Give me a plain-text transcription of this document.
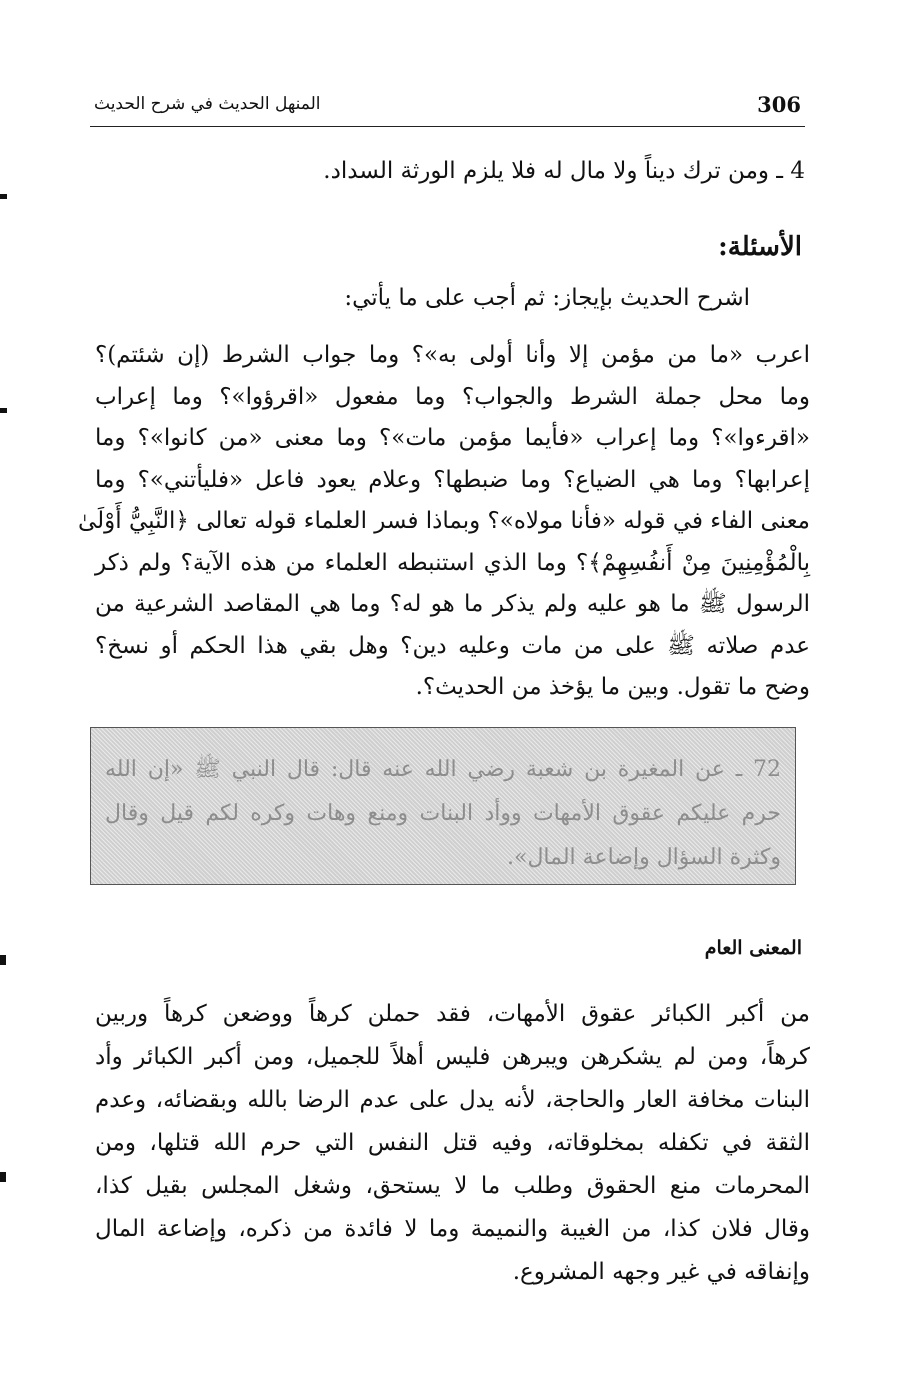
306
المنهل الحديث في شرح الحديث
4 ـ ومن ترك ديناً ولا مال له فلا يلزم الورثة السداد.
الأسئلة:
اشرح الحديث بإيجاز: ثم أجب على ما يأتي:
اعرب «ما من مؤمن إلا وأنا أولى به»؟ وما جواب الشرط (إن شئتم)؟
وما محل جملة الشرط والجواب؟ وما مفعول «اقرؤوا»؟ وما إعراب
«اقرءوا»؟ وما إعراب «فأيما مؤمن مات»؟ وما معنى «من كانوا»؟ وما
إعرابها؟ وما هي الضياع؟ وما ضبطها؟ وعلام يعود فاعل «فليأتني»؟ وما
معنى الفاء في قوله «فأنا مولاه»؟ وبماذا فسر العلماء قوله تعالى ﴿النَّبِيُّ أَوْلَىٰ
بِالْمُؤْمِنِينَ مِنْ أَنفُسِهِمْ﴾؟ وما الذي استنبطه العلماء من هذه الآية؟ ولم ذكر
الرسول ﷺ ما هو عليه ولم يذكر ما هو له؟ وما هي المقاصد الشرعية من
عدم صلاته ﷺ على من مات وعليه دين؟ وهل بقي هذا الحكم أو نسخ؟
وضح ما تقول. وبين ما يؤخذ من الحديث؟.
72 ـ عن المغيرة بن شعبة رضي الله عنه قال: قال النبي ﷺ «إن الله
حرم عليكم عقوق الأمهات ووأد البنات ومنع وهات وكره لكم قيل وقال
وكثرة السؤال وإضاعة المال».
المعنى العام
من أكبر الكبائر عقوق الأمهات، فقد حملن كرهاً ووضعن كرهاً وربين
كرهاً، ومن لم يشكرهن ويبرهن فليس أهلاً للجميل، ومن أكبر الكبائر وأد
البنات مخافة العار والحاجة، لأنه يدل على عدم الرضا بالله وبقضائه، وعدم
الثقة في تكفله بمخلوقاته، وفيه قتل النفس التي حرم الله قتلها، ومن
المحرمات منع الحقوق وطلب ما لا يستحق، وشغل المجلس بقيل كذا،
وقال فلان كذا، من الغيبة والنميمة وما لا فائدة من ذكره، وإضاعة المال
وإنفاقه في غير وجهه المشروع.
